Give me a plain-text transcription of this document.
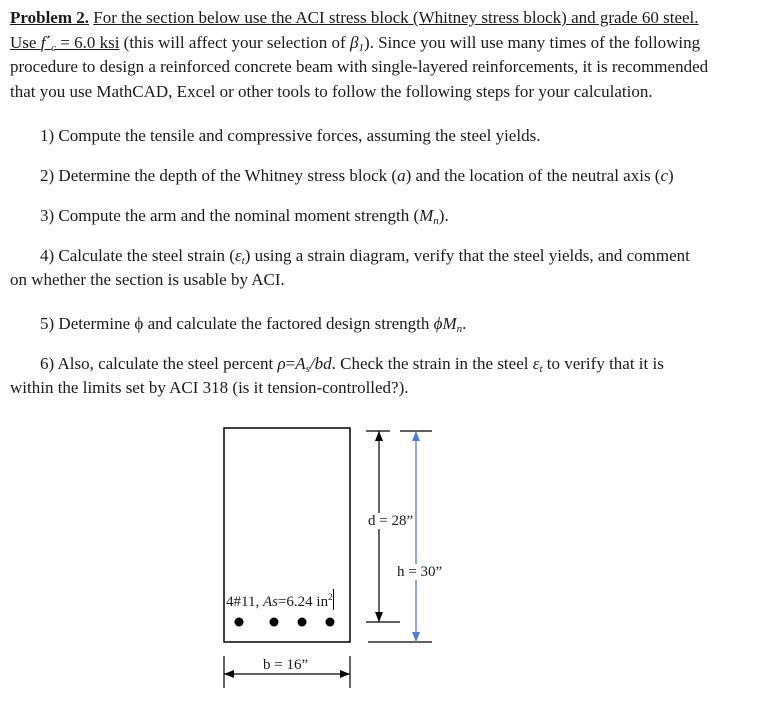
Problem 2. For the section below use the ACI stress block (Whitney stress block) and grade 60 steel.
Use $f΄_c = 6.0$ ksi (this will affect your selection of $\beta_1$). Since you will use many times of the following
procedure to design a reinforced concrete beam with single-layered reinforcements, it is recommended
that you use MathCAD, Excel or other tools to follow the following steps for your calculation.
1) Compute the tensile and compressive forces, assuming the steel yields.
2) Determine the depth of the Whitney stress block (a) and the location of the neutral axis (c)
3) Compute the arm and the nominal moment strength $(M_n)$.
4) Calculate the steel strain $(\varepsilon_t)$ using a strain diagram, verify that the steel yields, and comment
on whether the section is usable by ACI.
5) Determine ϕ and calculate the factored design strength $\phi M_n$.
6) Also, calculate the steel percent $\rho=A_s/bd$. Check the strain in the steel $\varepsilon_t$ to verify that it is
within the limits set by ACI 318 (is it tension-controlled?).
4#11, As=6.24 $in^2$
d = 28”
h = 30”
b = 16”
